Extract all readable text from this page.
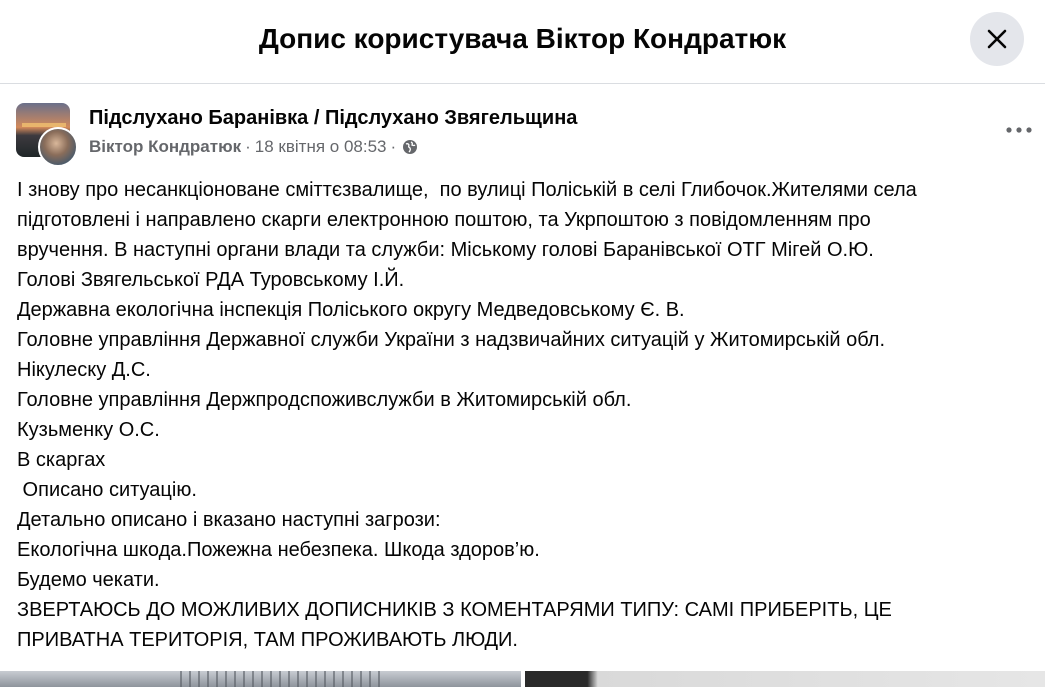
Допис користувача Віктор Кондратюк
Підслухано Баранівка / Підслухано Звягельщина
Віктор Кондратюк · 18 квітня о 08:53 ·
І знову про несанкціоноване сміттєзвалище,  по вулиці Поліській в селі Глибочок.Жителями села
підготовлені і направлено скарги електронною поштою, та Укрпоштою з повідомленням про
вручення. В наступні органи влади та служби: Міському голові Баранівської ОТГ Мігей О.Ю.
Голові Звягельської РДА Туровському І.Й.
Державна екологічна інспекція Поліського округу Медведовському Є. В.
Головне управління Державної служби України з надзвичайних ситуацій у Житомирській обл.
Нікулеску Д.С.
Головне управління Держпродспоживслужби в Житомирській обл.
Кузьменку О.С.
В скаргах
Описано ситуацію.
Детально описано і вказано наступні загрози:
Екологічна шкода.Пожежна небезпека. Шкода здоров’ю.
Будемо чекати.
ЗВЕРТАЮСЬ ДО МОЖЛИВИХ ДОПИСНИКІВ З КОМЕНТАРЯМИ ТИПУ: САМІ ПРИБЕРІТЬ, ЦЕ
ПРИВАТНА ТЕРИТОРІЯ, ТАМ ПРОЖИВАЮТЬ ЛЮДИ.
